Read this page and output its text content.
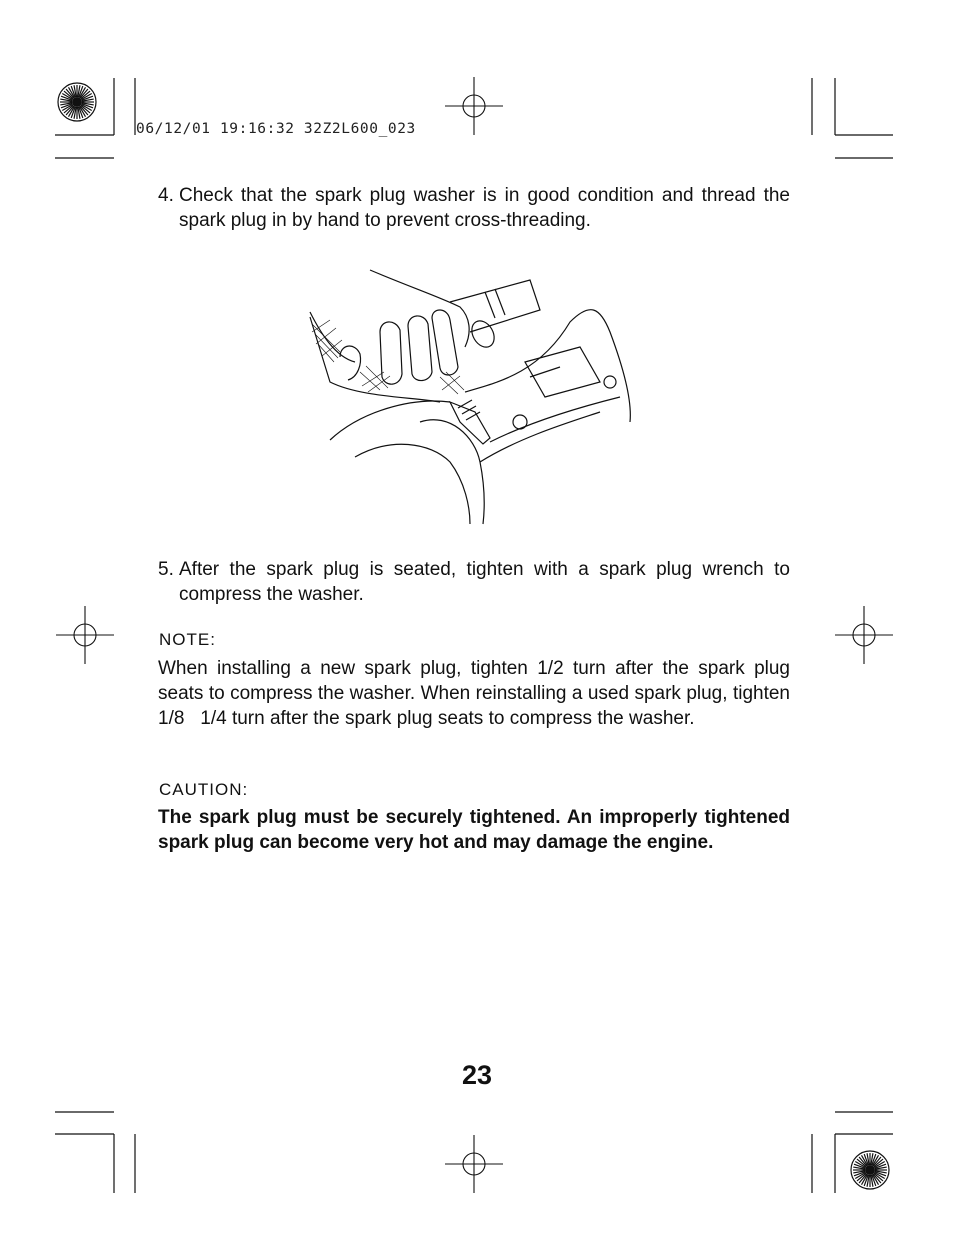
06/12/01 19:16:32 32Z2L600_023
4. Check that the spark plug washer is in good condition and thread the spark plug in by hand to prevent cross-threading.
5. After the spark plug is seated, tighten with a spark plug wrench to compress the washer.
NOTE:
When installing a new spark plug, tighten 1/2 turn after the spark plug seats to compress the washer. When reinstalling a used spark plug, tighten 1/8   1/4 turn after the spark plug seats to compress the washer.
CAUTION:
The spark plug must be securely tightened. An improperly tightened spark plug can become very hot and may damage the engine.
23
